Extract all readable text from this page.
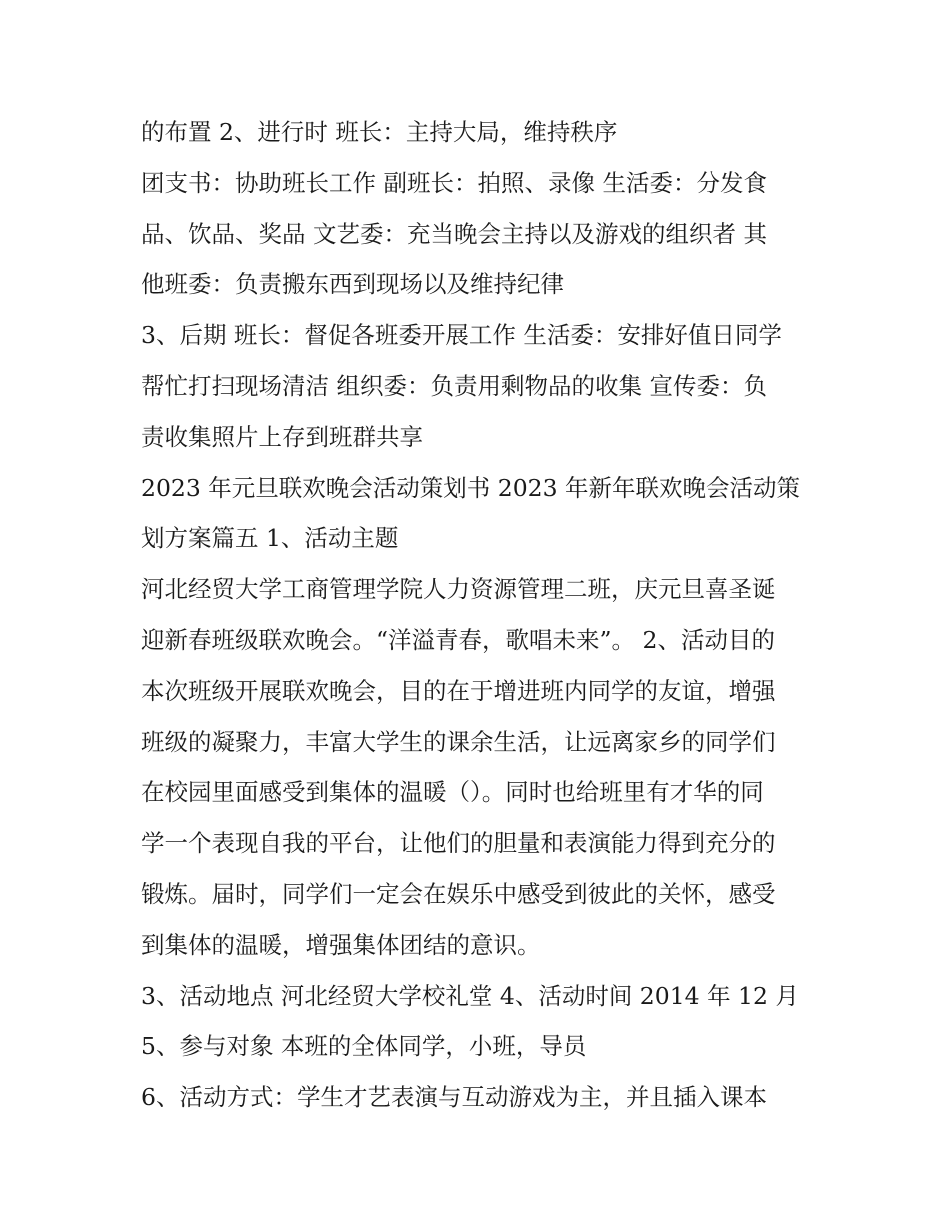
的布置 2、进行时 班长：主持大局，维持秩序
团支书：协助班长工作 副班长：拍照、录像 生活委：分发食
品、饮品、奖品 文艺委：充当晚会主持以及游戏的组织者 其
他班委：负责搬东西到现场以及维持纪律
3、后期 班长：督促各班委开展工作 生活委：安排好值日同学
帮忙打扫现场清洁 组织委：负责用剩物品的收集 宣传委：负
责收集照片上存到班群共享
2023 年元旦联欢晚会活动策划书 2023 年新年联欢晚会活动策
划方案篇五 1、活动主题
河北经贸大学工商管理学院人力资源管理二班，庆元旦喜圣诞
迎新春班级联欢晚会。“洋溢青春，歌唱未来”。 2、活动目的
本次班级开展联欢晚会，目的在于增进班内同学的友谊，增强
班级的凝聚力，丰富大学生的课余生活，让远离家乡的同学们
在校园里面感受到集体的温暖（）。同时也给班里有才华的同
学一个表现自我的平台，让他们的胆量和表演能力得到充分的
锻炼。届时，同学们一定会在娱乐中感受到彼此的关怀，感受
到集体的温暖，增强集体团结的意识。
3、活动地点 河北经贸大学校礼堂 4、活动时间 2014 年 12 月
5、参与对象 本班的全体同学，小班，导员
6、活动方式：学生才艺表演与互动游戏为主，并且插入课本
